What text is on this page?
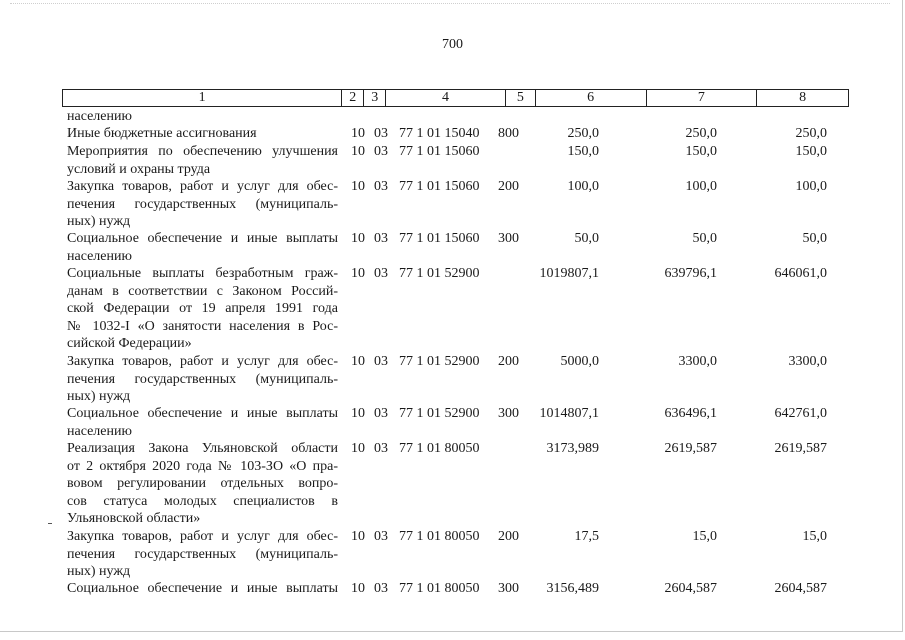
700
1	2	3	4	5	6	7	8
населению
Иные бюджетные ассигнования	10 03 77 1 01 15040 800	250,0	250,0	250,0
Мероприятия по обеспечению улучшения
условий и охраны труда
10 03 77 1 01 15060	150,0	150,0	150,0
Закупка товаров, работ и услуг для обес-
печения государственных (муниципаль-
ных) нужд
10 03 77 1 01 15060 200	100,0	100,0	100,0
Социальное обеспечение и иные выплаты
населению
10 03 77 1 01 15060 300	50,0	50,0	50,0
Социальные выплаты безработным граж-
данам в соответствии с Законом Россий-
ской Федерации от 19 апреля 1991 года
№ 1032-I «О занятости населения в Рос-
сийской Федерации»
10 03 77 1 01 52900	1019807,1	639796,1	646061,0
Закупка товаров, работ и услуг для обес-
печения государственных (муниципаль-
ных) нужд
10 03 77 1 01 52900 200	5000,0	3300,0	3300,0
Социальное обеспечение и иные выплаты
населению
10 03 77 1 01 52900 300	1014807,1	636496,1	642761,0
Реализация Закона Ульяновской области
от 2 октября 2020 года № 103-ЗО «О пра-
вовом регулировании отдельных вопро-
сов статуса молодых специалистов в
Ульяновской области»
10 03 77 1 01 80050	3173,989	2619,587	2619,587
Закупка товаров, работ и услуг для обес-
печения государственных (муниципаль-
ных) нужд
10 03 77 1 01 80050 200	17,5	15,0	15,0
Социальное обеспечение и иные выплаты 10 03 77 1 01 80050 300	3156,489	2604,587	2604,587
